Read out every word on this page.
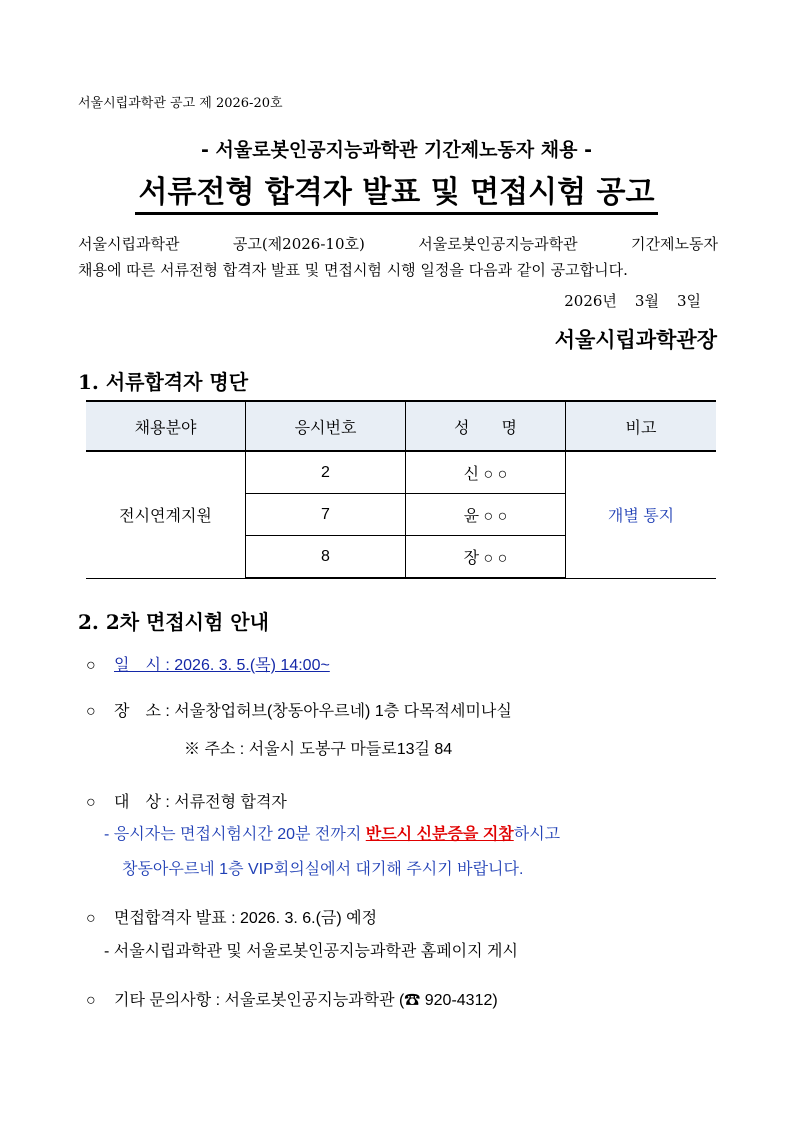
서울시립과학관 공고 제 2026-20호
- 서울로봇인공지능과학관 기간제노동자 채용 -
서류전형 합격자 발표 및 면접시험 공고
서울시립과학관 공고(제2026-10호) 서울로봇인공지능과학관 기간제노동자
채용에 따른 서류전형 합격자 발표 및 면접시험 시행 일정을 다음과 같이 공고합니다.
2026년 3월 3일
서울시립과학관장
1. 서류합격자 명단
채용분야	응시번호	성　　명	비고
전시연계지원	2	신 ○ ○	개별 통지
	7	윤 ○ ○	
	8	장 ○ ○	
2. 2차 면접시험 안내
○ 일　시 : 2026. 3. 5.(목) 14:00~
○ 장　소 : 서울창업허브(창동아우르네) 1층 다목적세미나실
※ 주소 : 서울시 도봉구 마들로13길 84
○ 대　상 : 서류전형 합격자
- 응시자는 면접시험시간 20분 전까지 반드시 신분증을 지참하시고
창동아우르네 1층 VIP회의실에서 대기해 주시기 바랍니다.
○ 면접합격자 발표 : 2026. 3. 6.(금) 예정
- 서울시립과학관 및 서울로봇인공지능과학관 홈페이지 게시
○ 기타 문의사항 : 서울로봇인공지능과학관 (☎ 920-4312)
